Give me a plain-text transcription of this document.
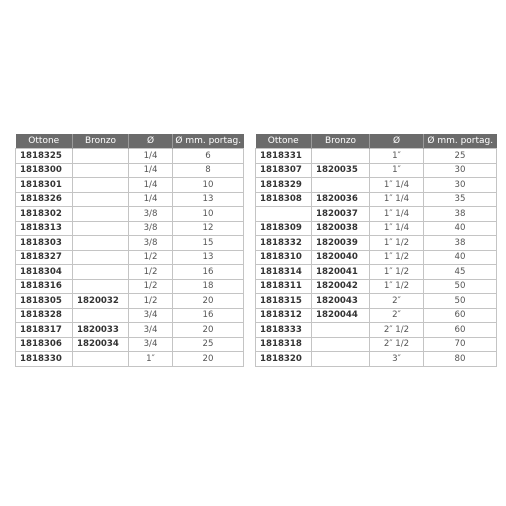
Ottone	Bronzo	Ø	Ø mm. portag.
1818325		1/4	6
1818300		1/4	8
1818301		1/4	10
1818326		1/4	13
1818302		3/8	10
1818313		3/8	12
1818303		3/8	15
1818327		1/2	13
1818304		1/2	16
1818316		1/2	18
1818305	1820032	1/2	20
1818328		3/4	16
1818317	1820033	3/4	20
1818306	1820034	3/4	25
1818330		1″	20
Ottone	Bronzo	Ø	Ø mm. portag.
1818331		1″	25
1818307	1820035	1″	30
1818329		1″ 1/4	30
1818308	1820036	1″ 1/4	35
	1820037	1″ 1/4	38
1818309	1820038	1″ 1/4	40
1818332	1820039	1″ 1/2	38
1818310	1820040	1″ 1/2	40
1818314	1820041	1″ 1/2	45
1818311	1820042	1″ 1/2	50
1818315	1820043	2″	50
1818312	1820044	2″	60
1818333		2″ 1/2	60
1818318		2″ 1/2	70
1818320		3″	80
